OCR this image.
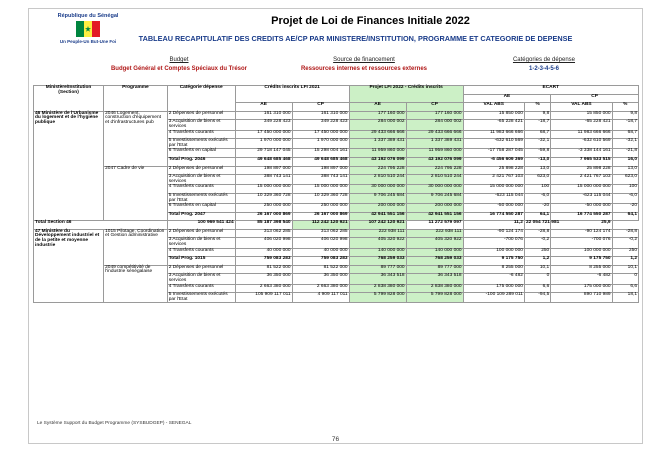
République du Sénégal
Un Peuple-Un But-Une Foi
Projet de Loi de Finances Initiale 2022
TABLEAU RECAPITULATIF DES CREDITS AE/CP PAR MINISTERE/INSTITUTION, PROGRAMME ET CATEGORIE DE DEPENSE
Budget
Budget Général et Comptes Spéciaux du Trésor
Source de financement
Ressources internes et ressources externes
Catégories de dépense
1-2-3-4-5-6
Ministère/Institution (Section)	Programme	Catégorie dépense	Crédits inscrits LFI 2021		Projet LFI 2022 - Crédits inscrits		ECART			
							AE		CP	
			AE	CP	AE	CP	VAL ABS	%	VAL ABS	%
46 Ministère de l'Urbanisme du logement et de l'hygiène publique	2046 Logement, construction d'équipement et d'infrastructures pub	2 Dépenses de personnel	161 310 000	161 310 000	177 160 000	177 160 000	15 850 000	9,8	15 850 000	9,8
		3 Acquisition de biens et services	349 228 423	349 228 423	284 000 002	284 000 002	-65 228 421	-18,7	-65 228 421	-18,7
		4 Transferts courants	17 450 000 000	17 450 000 000	29 433 666 666	29 433 666 666	11 983 666 666	68,7	11 983 666 666	68,7
		5 Investissements exécutés par l'Etat	1 970 000 000	1 970 000 000	1 337 389 431	1 337 389 431	-632 610 569	-32,1	-632 610 569	-32,1
		6 Transferts en capital	29 718 147 045	15 298 004 161	11 959 860 000	11 959 860 000	-17 758 287 045	-59,8	-3 338 144 161	-21,8
		Total Prog. 2046	49 648 685 468	49 648 685 468	43 192 076 099	43 192 076 099	-6 456 609 369	-13,0	7 965 533 515	16,0
	2047 Cadre de vie	2 Dépenses de personnel	198 897 000	198 897 000	224 795 228	224 795 228	25 898 228	13,0	25 898 228	13,0
		3 Acquisition de biens et services	388 743 141	388 743 141	2 810 510 244	2 810 510 244	2 421 767 103	623,0	2 421 767 103	623,0
		4 Transferts courants	15 000 000 000	15 000 000 000	30 000 000 000	30 000 000 000	15 000 000 000	100	15 000 000 000	100
		5 Investissements exécutés par l'Etat	10 329 360 728	10 329 360 728	9 706 245 684	9 706 245 684	-623 115 044	-6,0	-623 115 044	-6,0
		6 Transferts en capital	250 000 000	250 000 000	200 000 000	200 000 000	-50 000 000	-20	-50 000 000	-20
		Total Prog. 2047	26 167 000 869	26 167 000 869	42 941 551 156	42 941 551 156	16 774 550 287	64,1	16 774 550 287	64,1
Total Section 46		100 969 541 424	85 187 398 540	112 242 120 921	107 242 120 921	11 272 579 097	11,2	22 054 721 981	25,9	
47 Ministère du Développement industriel et de la petite et moyenne industrie	1015 Pilotage, Coordination et Gestion administrative	2 Dépenses de personnel	313 062 285	313 062 285	222 938 111	222 938 111	-90 124 174	-28,8	-90 124 174	-28,8
		3 Acquisition de biens et services	406 020 998	406 020 998	405 320 922	405 320 922	-700 076	-0,2	-700 076	-0,2
		4 Transferts courants	40 000 000	40 000 000	140 000 000	140 000 000	100 000 000	250	100 000 000	250
		Total Prog. 1015	759 083 283	759 083 283	768 259 033	768 259 033	9 175 750	1,2	9 175 750	1,2
	2049 compétitivité de l'industrie sénégalaise	2 Dépenses de personnel	81 522 000	81 522 000	89 777 000	89 777 000	8 255 000	10,1	8 255 000	10,1
		3 Acquisition de biens et services	36 350 000	36 350 000	36 343 518	36 343 518	-6 482	0	-6 482	0
		4 Transferts courants	2 663 380 000	2 663 380 000	2 838 380 000	2 838 380 000	175 000 000	6,6	175 000 000	6,6
		5 Investissements exécutés par l'Etat	105 909 117 011	4 909 117 011	5 799 828 000	5 799 828 000	-100 109 289 011	-94,5	890 710 989	18,1
Le Système Support du Budget Programme (SYSBUDGEP) - SENEGAL
76
